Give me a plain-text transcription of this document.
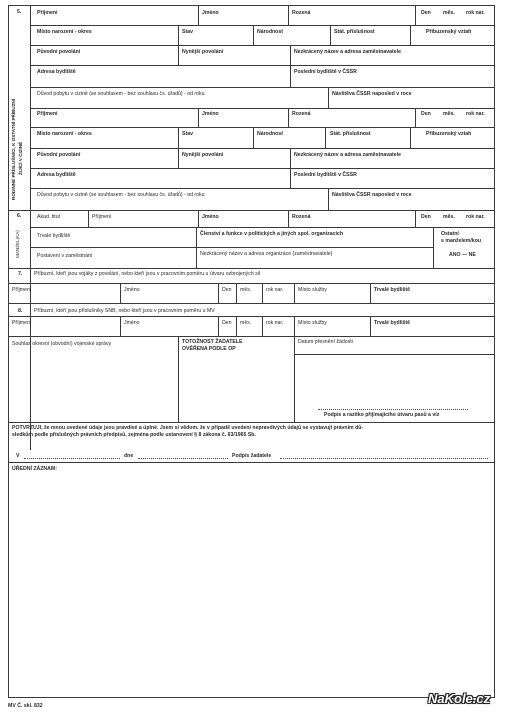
5.
RODINNÉ PŘÍSLUŠNÍCI, K OSTATNÍ PŘÍBUZNÍ ŽIJÍCÍ V CIZINĚ
Příjmení	Jméno	Rozená	Den měs. rok nar.
Místo narození - okres	Stav	Národnost	Stát. příslušnost	Příbuzenský vztah
Původní povolání	Nynější povolání	Nezkrácený název a adresa zaměstnavatele
Adresa bydliště	Poslední bydliště v ČSSR
Důvod pobytu v cizině (se souhlasem - bez souhlasu čs. úřadů) - od roku	Návštěva ČSSR naposled v roce
Příjmení	Jméno	Rozená	Den měs. rok nar.
Místo narození - okres	Stav	Národnost	Stát. příslušnost	Příbuzenský vztah
Původní povolání	Nynější povolání	Nezkrácený název a adresa zaměstnavatele
Adresa bydliště	Poslední bydliště v ČSSR
Důvod pobytu v cizině (se souhlasem - bez souhlasu čs. úřadů) - od roku	Návštěva ČSSR naposled v roce
6.
MANŽEL(KA)
Akad. titul	Příjmení	Jméno	Rozená	Den měs. rok nar.
Trvalé bydliště	Členství a funkce v politických a jiných spol. organizacích	Ostatní
s manželem/kou
Postavení v zaměstnání	Nezkrácený název a adresa organizace (zaměstnavatele)	ANO — NE
7. Příbuzní, kteří jsou vojáky z povolání, nebo kteří jsou v pracovním poměru u útvaru ozbrojených sil
Příjmení	Jméno	Den měs.	rok nar.	Místo služby	Trvalé bydliště
8. Příbuzní, kteří jsou příslušníky SNB, nebo kteří jsou v pracovním poměru u MV
Příjmení	Jméno	Den měs.	rok nar.	Místo služby	Trvalé bydliště
Souhlas okresní (obvodní) vojenské správy	TOTOŽNOST ŽADATELE
OVĚŘENA PODLE OP
Datum přesnění žádosti
Podpis a razítko přijímajícího útvaru pasů a víz
POTVRZUJI, že mnou uvedené údaje jsou pravdivé a úplné. Jsem si vědom, že v případě uvedení nepravdivých údajů se vystavuji právním dů-
sledkům podle příslušných právních předpisů, zejména podle ustanovení § 8 zákona č. 63/1965 Sb.
V	dne	Podpis žadatele
ÚŘEDNÍ ZÁZNAM:
MV Č. skl. 832	NaKole.cz
